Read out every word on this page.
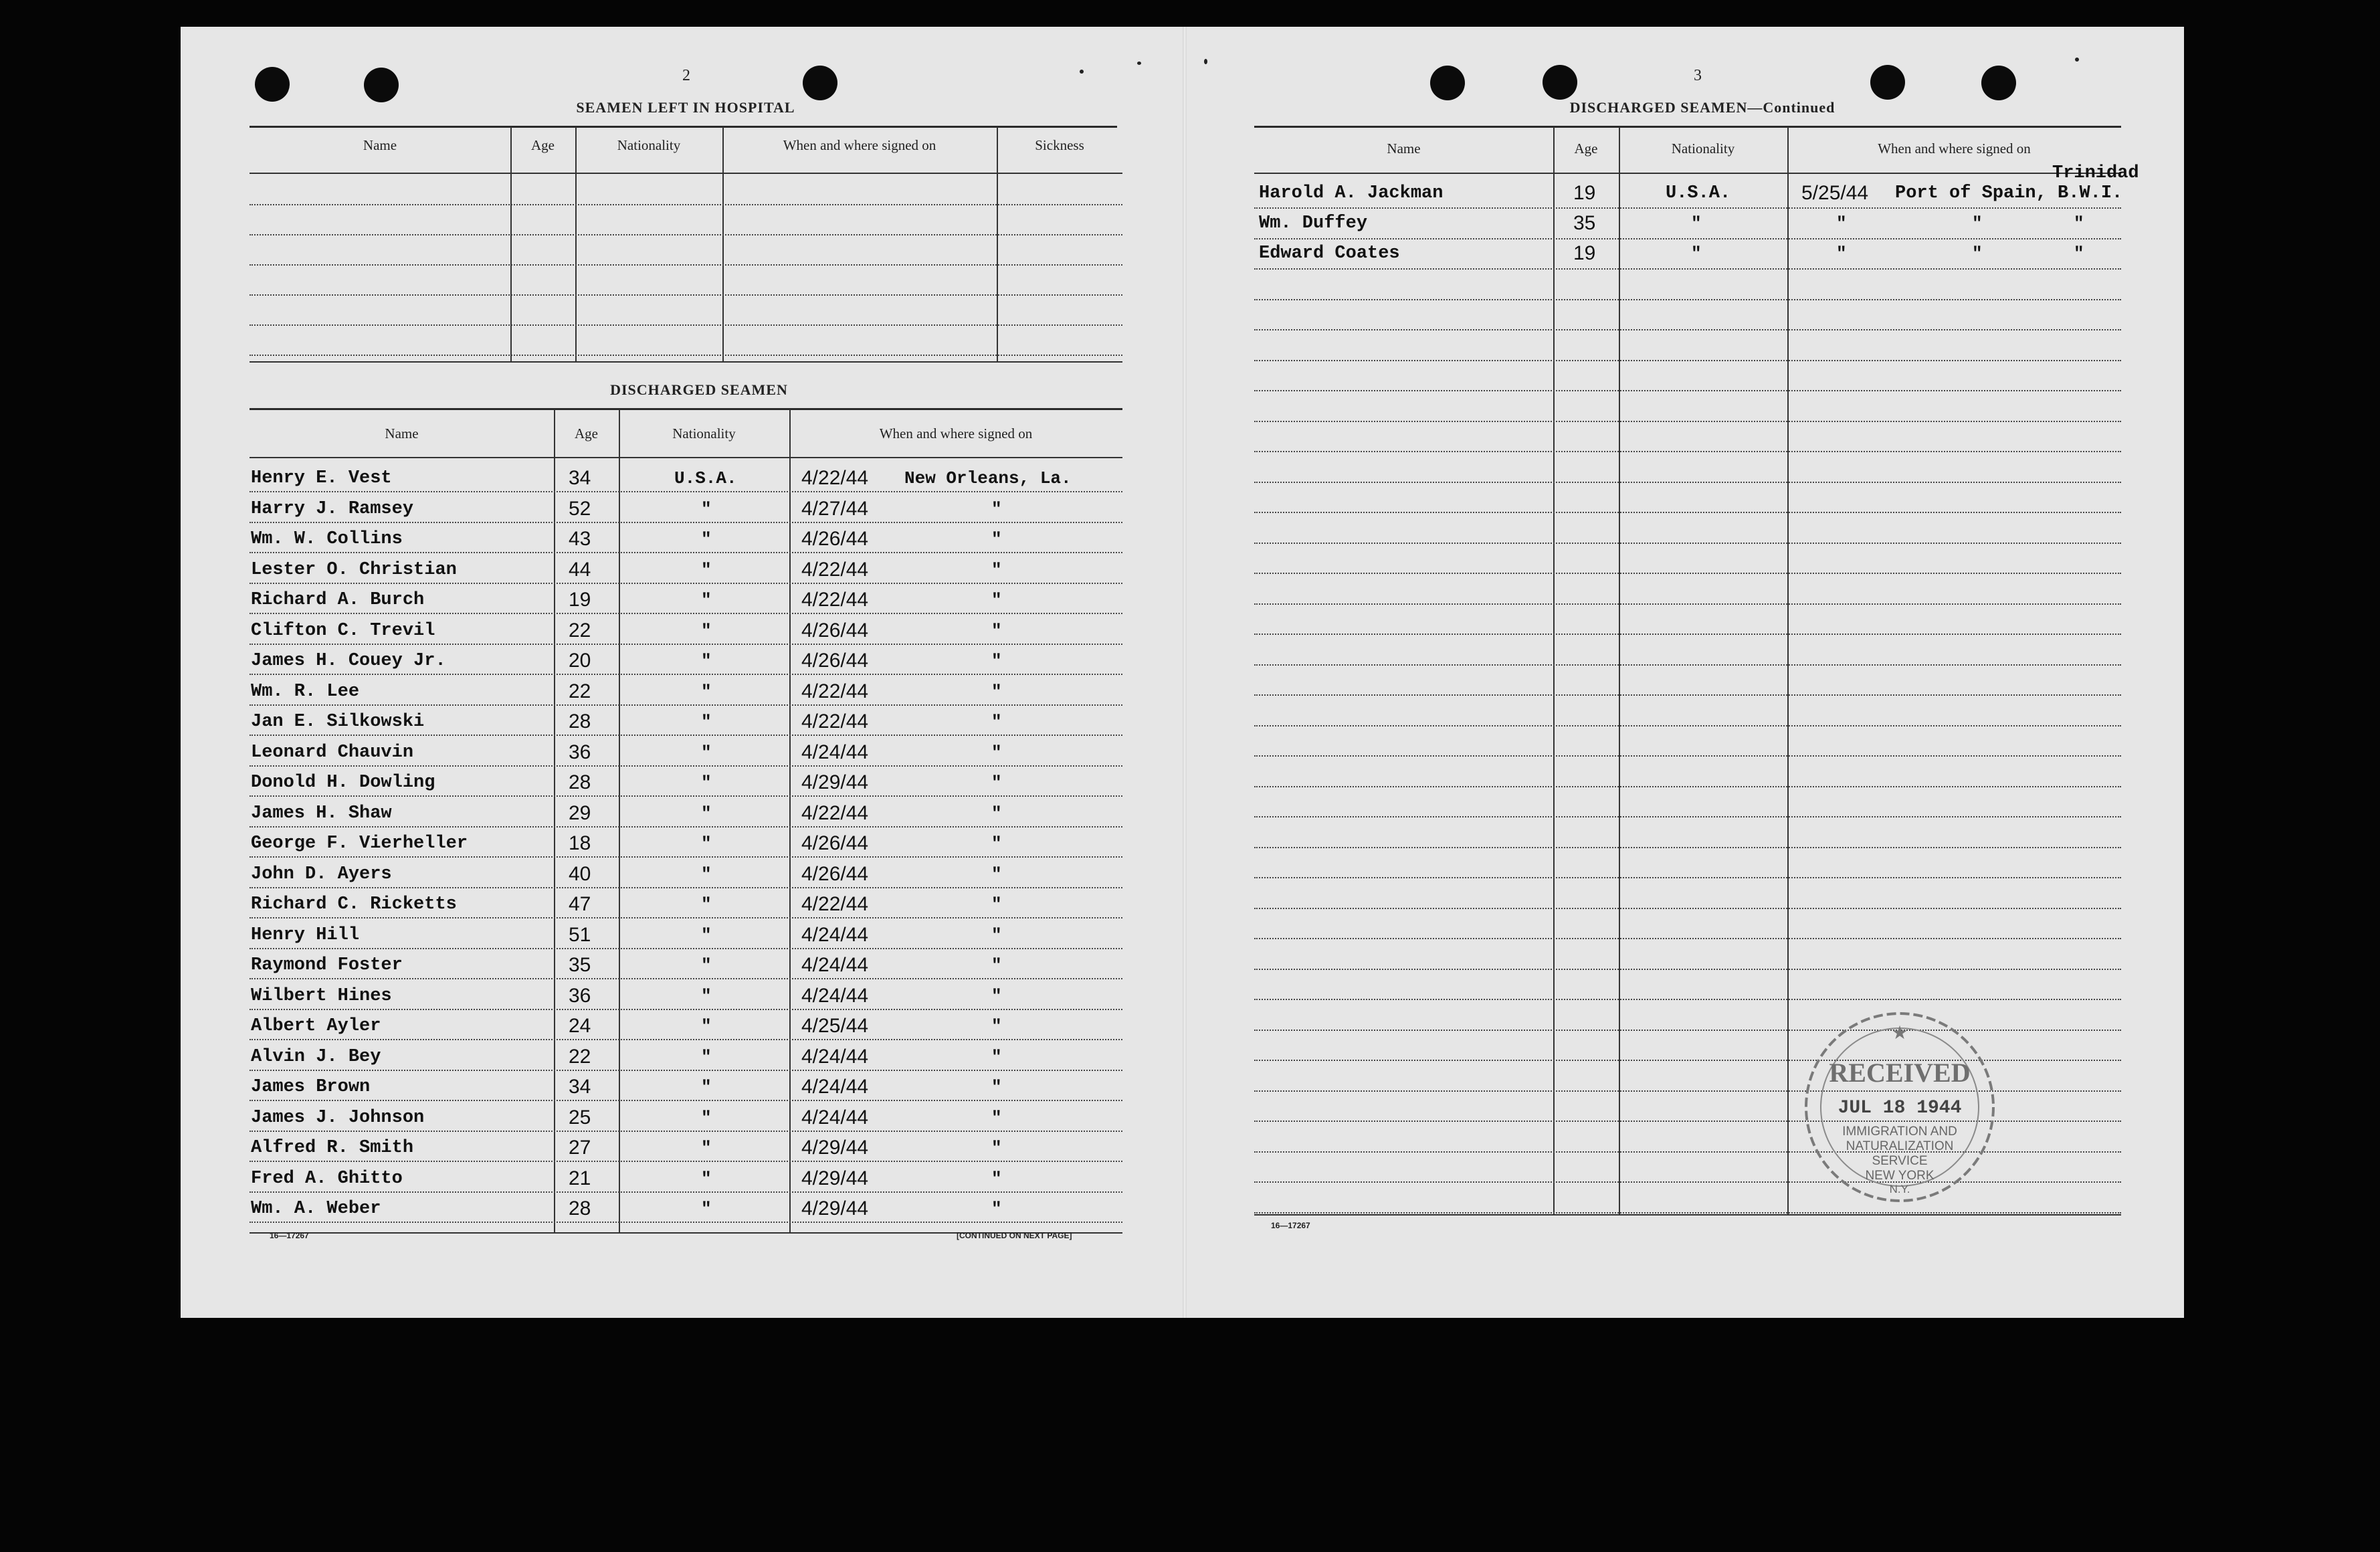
2
SEAMEN LEFT IN HOSPITAL
Name	Age	Nationality	When and where signed on	Sickness
DISCHARGED SEAMEN
Name	Age	Nationality	When and where signed on
Henry E. Vest	34	U.S.A.	4/22/44 New Orleans, La.
Harry J. Ramsey	52	"	4/27/44	"
Wm. W. Collins	43	"	4/26/44	"
Lester O. Christian	44	"	4/22/44	"
Richard A. Burch	19	"	4/22/44	"
Clifton C. Trevil	22	"	4/26/44	"
James H. Couey Jr.	20	"	4/26/44	"
Wm. R. Lee	22	"	4/22/44	"
Jan E. Silkowski	28	"	4/22/44	"
Leonard Chauvin	36	"	4/24/44	"
Donold H. Dowling	28	"	4/29/44	"
James H. Shaw	29	"	4/22/44	"
George F. Vierheller	18	"	4/26/44	"
John D. Ayers	40	"	4/26/44	"
Richard C. Ricketts	47	"	4/22/44	"
Henry Hill	51	"	4/24/44	"
Raymond Foster	35	"	4/24/44	"
Wilbert Hines	36	"	4/24/44	"
Albert Ayler	24	"	4/25/44	"
Alvin J. Bey	22	"	4/24/44	"
James Brown	34	"	4/24/44	"
James J. Johnson	25	"	4/24/44	"
Alfred R. Smith	27	"	4/29/44	"
Fred A. Ghitto	21	"	4/29/44	"
Wm. A. Weber	28	"	4/29/44	"
16—17267	[CONTINUED ON NEXT PAGE]
3
DISCHARGED SEAMEN—Continued
Name	Age	Nationality	When and where signed on
Harold A. Jackman	19	U.S.A.	5/25/44 Port of Spain, B.W.I.
Trinidad
Wm. Duffey	35	"	"	"	"
Edward Coates	19	"	"	"	"
16—17267
★
RECEIVED
JUL 18 1944
IMMIGRATION AND
NATURALIZATION
SERVICE
NEW YORK
N.Y.
